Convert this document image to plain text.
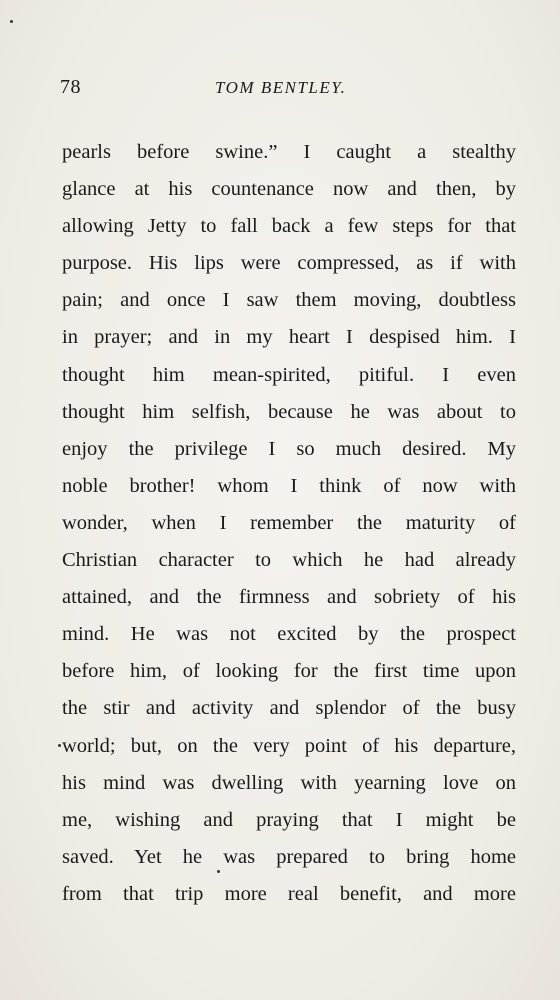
78	TOM BENTLEY.
pearls before swine.” I caught a stealthy
glance at his countenance now and then, by
allowing Jetty to fall back a few steps for that
purpose. His lips were compressed, as if with
pain; and once I saw them moving, doubtless
in prayer; and in my heart I despised him. I
thought him mean-spirited, pitiful. I even
thought him selfish, because he was about to
enjoy the privilege I so much desired. My
noble brother! whom I think of now with
wonder, when I remember the maturity of
Christian character to which he had already
attained, and the firmness and sobriety of his
mind. He was not excited by the prospect
before him, of looking for the first time upon
the stir and activity and splendor of the busy
world; but, on the very point of his departure,
his mind was dwelling with yearning love on
me, wishing and praying that I might be
saved. Yet he was prepared to bring home
from that trip more real benefit, and more
